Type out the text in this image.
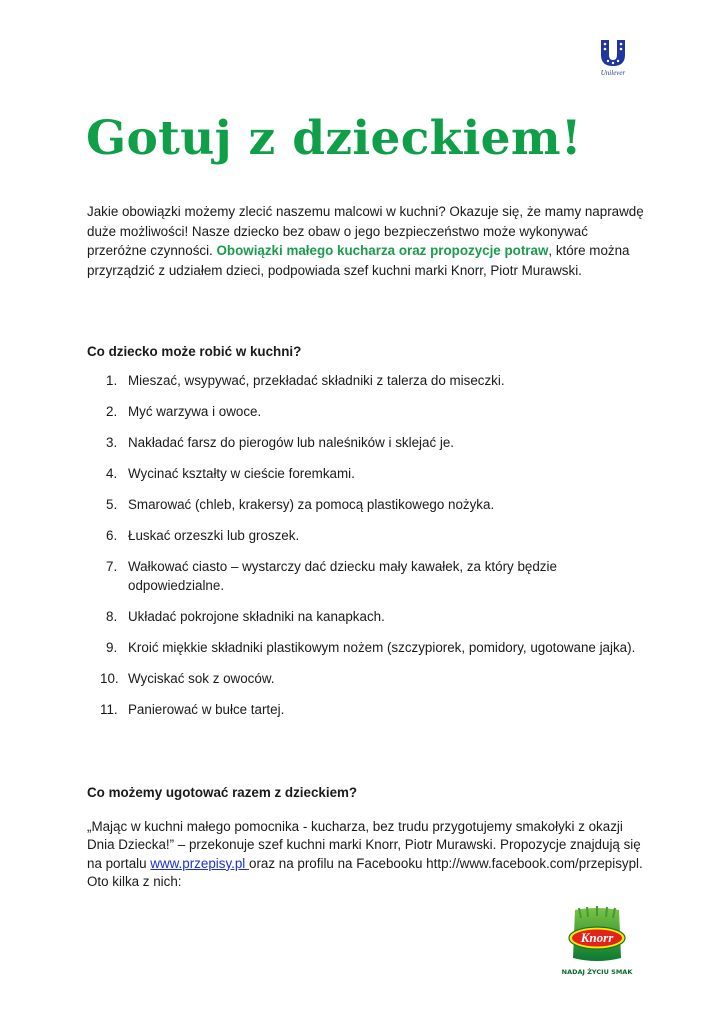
Unilever
Gotuj z dzieckiem!

Jakie obowiązki możemy zlecić naszemu malcowi w kuchni? Okazuje się, że mamy naprawdę duże możliwości! Nasze dziecko bez obaw o jego bezpieczeństwo może wykonywać przeróżne czynności. Obowiązki małego kucharza oraz propozycje potraw, które można przyrządzić z udziałem dzieci, podpowiada szef kuchni marki Knorr, Piotr Murawski.

Co dziecko może robić w kuchni?
1. Mieszać, wsypywać, przekładać składniki z talerza do miseczki.
2. Myć warzywa i owoce.
3. Nakładać farsz do pierogów lub naleśników i sklejać je.
4. Wycinać kształty w cieście foremkami.
5. Smarować (chleb, krakersy) za pomocą plastikowego nożyka.
6. Łuskać orzeszki lub groszek.
7. Wałkować ciasto – wystarczy dać dziecku mały kawałek, za który będzie odpowiedzialne.
8. Układać pokrojone składniki na kanapkach.
9. Kroić miękkie składniki plastikowym nożem (szczypiorek, pomidory, ugotowane jajka).
10. Wyciskać sok z owoców.
11. Panierować w bułce tartej.
Co możemy ugotować razem z dzieckiem?

„Mając w kuchni małego pomocnika - kucharza, bez trudu przygotujemy smakołyki z okazji Dnia Dziecka!” – przekonuje szef kuchni marki Knorr, Piotr Murawski. Propozycje znajdują się na portalu www.przepisy.pl oraz na profilu na Facebooku http://www.facebook.com/przepisypl. Oto kilka z nich:

Knorr
NADAJ ŻYCIU SMAK
